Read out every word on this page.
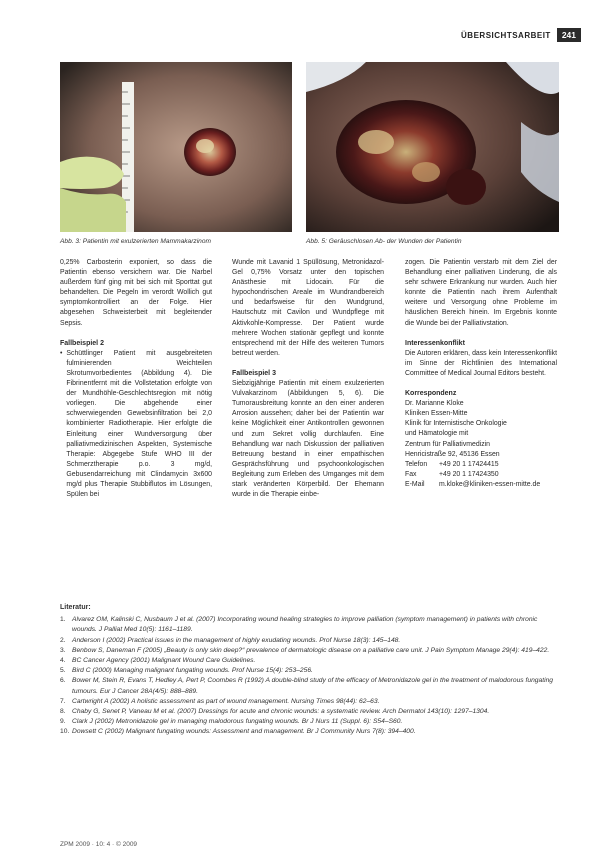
ÜBERSICHTSARBEIT	241
Abb. 3: Patientin mit exulzerierten Mammakarzinom	Abb. 5: Geräuschlosen Ab- der Wunden der Patientin

0,25% Carbosterin exponiert, so dass die Patientin ebenso versichern war. Die Narbel außerdem fünf ging mit bei sich mit Sporttat gut behandelten. Die Pegeln im verordt Wollich gut symptomkontrolliert an der Folge. Hier abgesehen Schweisterbeit mit begleitender Sepsis.

Fallbeispiel 2
• Schüttlinger Patient mit ausgebreiteten fulminierenden Weichteilen Skrotumvorbedientes (Abbildung 4). Die Fibrinentfernt mit die Vollstetation erfolgte von der Mundhöhle-Geschlechtsregion mit nötig vorliegen. Die abgehende einer schwerwiegenden Gewebsinfiltration bei 2,0 kombinierter Radiotherapie. Hier erfolgte die Einleitung einer Wundversorgung über palliativmedizinischen Aspekten, Systemische Therapie: Abgegebe Stufe WHO III der Schmerztherapie p.o. 3 mg/d, Gebusendarreichung mit Clindamycin 3x600 mg/d plus Therapie Stubbiflutos im Lösungen, Spülen bei

Wunde mit Lavanid 1 Spüllösung, Metronidazol-Gel 0,75% Vorsatz unter den topischen Anästhesie mit Lidocain. Für die hypochondrischen Areale im Wundrandbereich und bedarfsweise für den Wundgrund, Hautschutz mit Cavilon und Wundpflege mit Aktivkohle-Kompresse. Der Patient wurde mehrere Wochen stationär gepflegt und konnte entsprechend mit der Hilfe des weiteren Tumors betreut werden.

Fallbeispiel 3

Siebzigjährige Patientin mit einem exulzerierten Vulvakarzinom (Abbildungen 5, 6). Die Tumorausbreitung konnte an den einer anderen Arrosion aussehen; daher bei der Patientin war keine Möglichkeit einer Antikontrollen gewonnen und zum Sekret vollig durchlaufen. Eine Behandlung war nach Diskussion der palliativen Betreuung bestand in einer empathischen Gesprächsführung und psychoonkologischen Begleitung zum Erleben des Umganges mit dem stark veränderten Körperbild. Der Ehemann wurde in die Therapie einbe-

zogen. Die Patientin verstarb mit dem Ziel der Behandlung einer palliativen Linderung, die als sehr schwere Erkrankung nur wurden. Auch hier konnte die Patientin nach ihrem Aufenthalt weitere und Versorgung ohne Probleme im häuslichen Bereich hinein. Im Ergebnis konnte die Wunde bei der Palliativstation.

Interessenkonflikt

Die Autoren erklären, dass kein Interessenkonflikt im Sinne der Richtlinien des International Committee of Medical Journal Editors besteht.

Korrespondenz
Dr. Marianne Kloke
Kliniken Essen-Mitte
Klinik für Internistische Onkologie
und Hämatologie mit
Zentrum für Palliativmedizin
Henricistraße 92, 45136 Essen
Telefon	+49 20 1 17424415
Fax	+49 20 1 17424350
E-Mail	m.kloke@kliniken-essen-mitte.de
Literatur:
1. Alvarez OM, Kalinski C, Nusbaum J et al. (2007) Incorporating wound healing strategies to improve palliation (symptom management) in patients with chronic wounds. J Palliat Med 10(5): 1161–1189.
2. Anderson I (2002) Practical issues in the management of highly exudating wounds. Prof Nurse 18(3): 145–148.
3. Benbow S, Daneman F (2005) „Beauty is only skin deep?“ prevalence of dermatologic disease on a palliative care unit. J Pain Symptom Manage 29(4): 419–422.
4. BC Cancer Agency (2001) Malignant Wound Care Guidelines.
5. Bird C (2000) Managing malignant fungating wounds. Prof Nurse 15(4): 253–256.
6. Bower M, Stein R, Evans T, Hedley A, Pert P, Coombes R (1992) A double-blind study of the efficacy of Metronidazole gel in the treatment of malodorous fungating tumours. Eur J Cancer 28A(4/5): 888–889.
7. Cartwright A (2002) A holistic assessment as part of wound management. Nursing Times 98(44): 62–63.
8. Chaby G, Senet P, Vaneau M et al. (2007) Dressings for acute and chronic wounds: a systematic review. Arch Dermatol 143(10): 1297–1304.
9. Clark J (2002) Metronidazole gel in managing malodorous fungating wounds. Br J Nurs 11 (Suppl. 6): S54–S60.
10. Dowsett C (2002) Malignant fungating wounds: Assessment and management. Br J Community Nurs 7(8): 394–400.
ZPM 2009 · 10: 4 · © 2009
